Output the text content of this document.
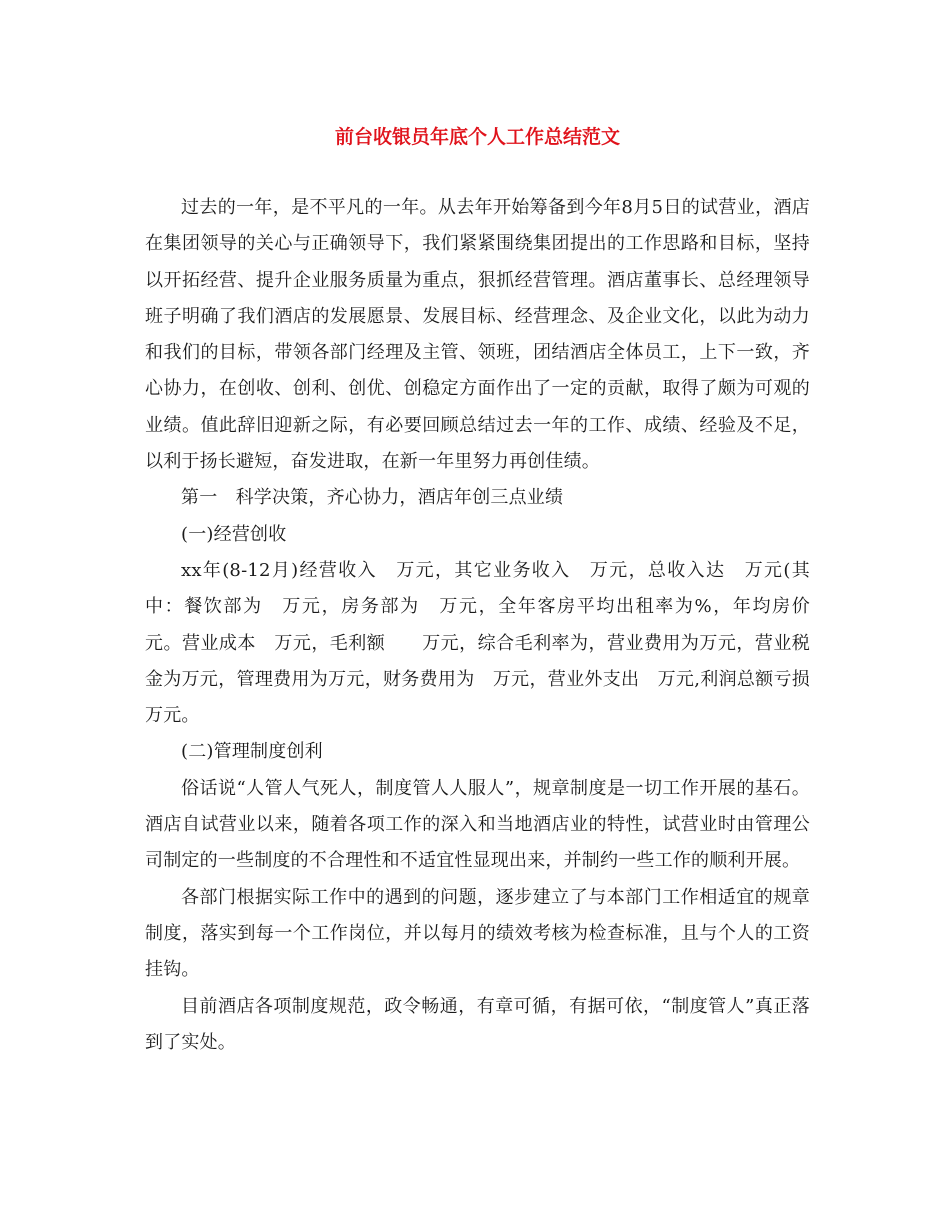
前台收银员年底个人工作总结范文

过去的一年，是不平凡的一年。从去年开始筹备到今年8月5日的试营业，酒店在集团领导的关心与正确领导下，我们紧紧围绕集团提出的工作思路和目标，坚持以开拓经营、提升企业服务质量为重点，狠抓经营管理。酒店董事长、总经理领导班子明确了我们酒店的发展愿景、发展目标、经营理念、及企业文化，以此为动力和我们的目标，带领各部门经理及主管、领班，团结酒店全体员工，上下一致，齐心协力，在创收、创利、创优、创稳定方面作出了一定的贡献，取得了颇为可观的业绩。值此辞旧迎新之际，有必要回顾总结过去一年的工作、成绩、经验及不足，以利于扬长避短，奋发进取，在新一年里努力再创佳绩。

第一　科学决策，齐心协力，酒店年创三点业绩

(一)经营创收

xx年(8-12月)经营收入　万元，其它业务收入　万元，总收入达　万元(其中：餐饮部为　万元，房务部为　万元，全年客房平均出租率为%，年均房价　元。营业成本　万元，毛利额　　万元，综合毛利率为，营业费用为万元，营业税金为万元，管理费用为万元，财务费用为　万元，营业外支出　万元,利润总额亏损万元。

(二)管理制度创利

俗话说“人管人气死人，制度管人人服人”，规章制度是一切工作开展的基石。酒店自试营业以来，随着各项工作的深入和当地酒店业的特性，试营业时由管理公司制定的一些制度的不合理性和不适宜性显现出来，并制约一些工作的顺利开展。

各部门根据实际工作中的遇到的问题，逐步建立了与本部门工作相适宜的规章制度，落实到每一个工作岗位，并以每月的绩效考核为检查标准，且与个人的工资挂钩。

目前酒店各项制度规范，政令畅通，有章可循，有据可依，“制度管人”真正落到了实处。
